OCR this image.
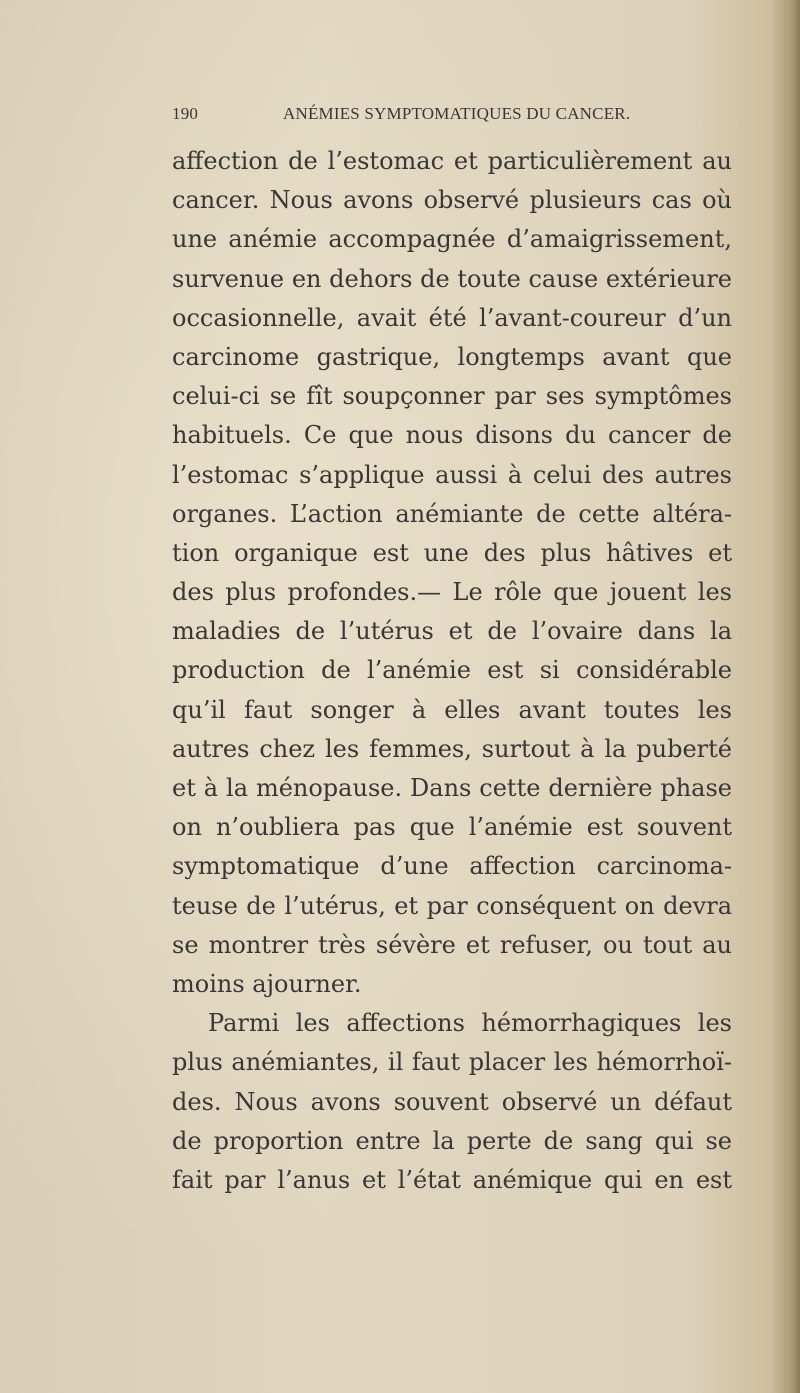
190	ANÉMIES SYMPTOMATIQUES DU CANCER.
affection de l’estomac et particulièrement au
cancer. Nous avons observé plusieurs cas où
une anémie accompagnée d’amaigrissement,
survenue en dehors de toute cause extérieure
occasionnelle, avait été l’avant-coureur d’un
carcinome gastrique, longtemps avant que
celui-ci se fît soupçonner par ses symptômes
habituels. Ce que nous disons du cancer de
l’estomac s’applique aussi à celui des autres
organes. L’action anémiante de cette altéra-
tion organique est une des plus hâtives et
des plus profondes.— Le rôle que jouent les
maladies de l’utérus et de l’ovaire dans la
production de l’anémie est si considérable
qu’il faut songer à elles avant toutes les
autres chez les femmes, surtout à la puberté
et à la ménopause. Dans cette dernière phase
on n’oubliera pas que l’anémie est souvent
symptomatique d’une affection carcinoma-
teuse de l’utérus, et par conséquent on devra
se montrer très sévère et refuser, ou tout au
moins ajourner.
Parmi les affections hémorrhagiques les
plus anémiantes, il faut placer les hémorrhoï-
des. Nous avons souvent observé un défaut
de proportion entre la perte de sang qui se
fait par l’anus et l’état anémique qui en est
